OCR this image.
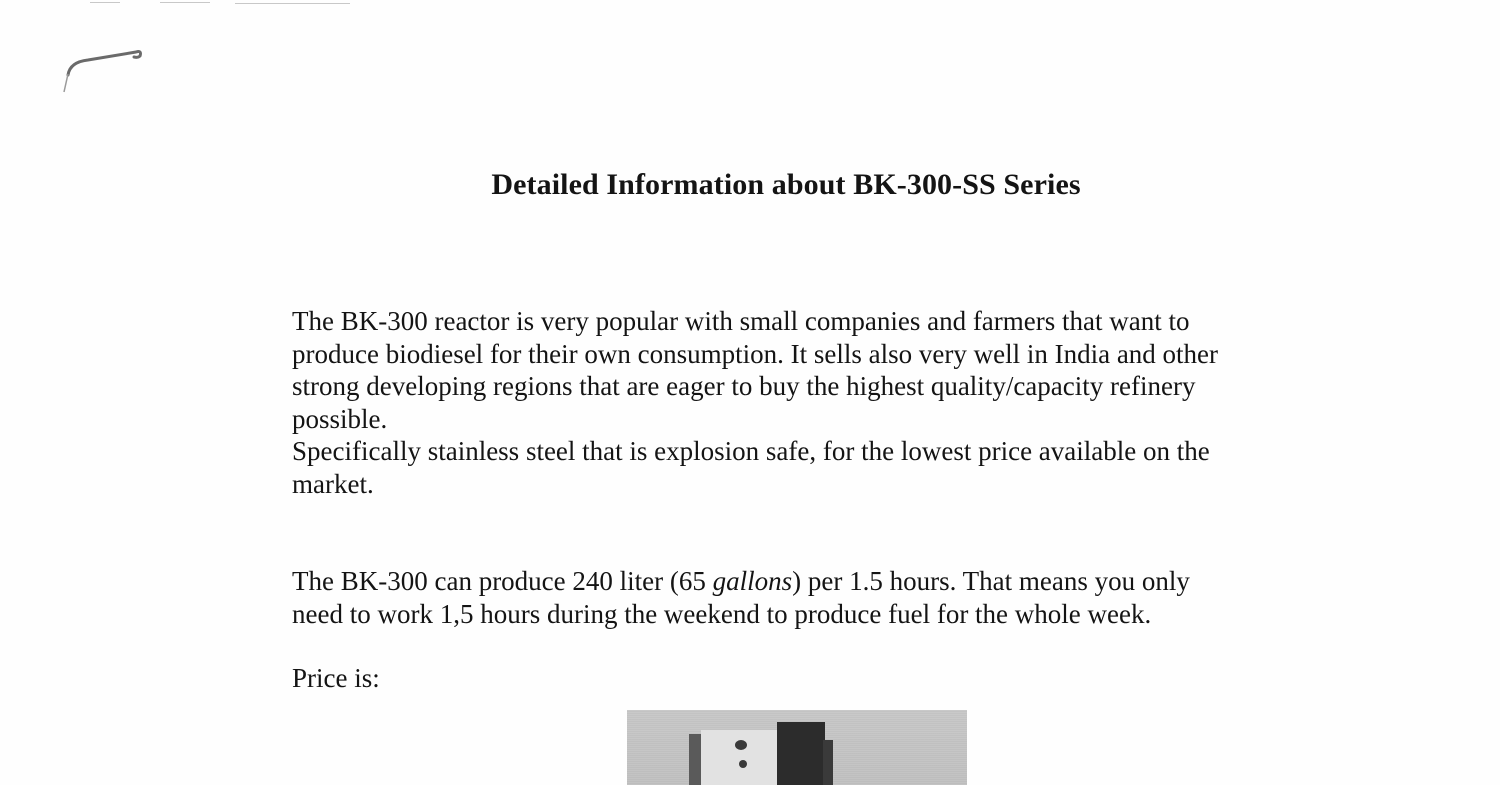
Detailed Information about BK-300-SS Series
The BK-300 reactor is very popular with small companies and farmers that want to
produce biodiesel for their own consumption. It sells also very well in India and other
strong developing regions that are eager to buy the highest quality/capacity refinery
possible.
Specifically stainless steel that is explosion safe, for the lowest price available on the
market.
The BK-300 can produce 240 liter (65 gallons) per 1.5 hours. That means you only
need to work 1,5 hours during the weekend to produce fuel for the whole week.
Price is:
